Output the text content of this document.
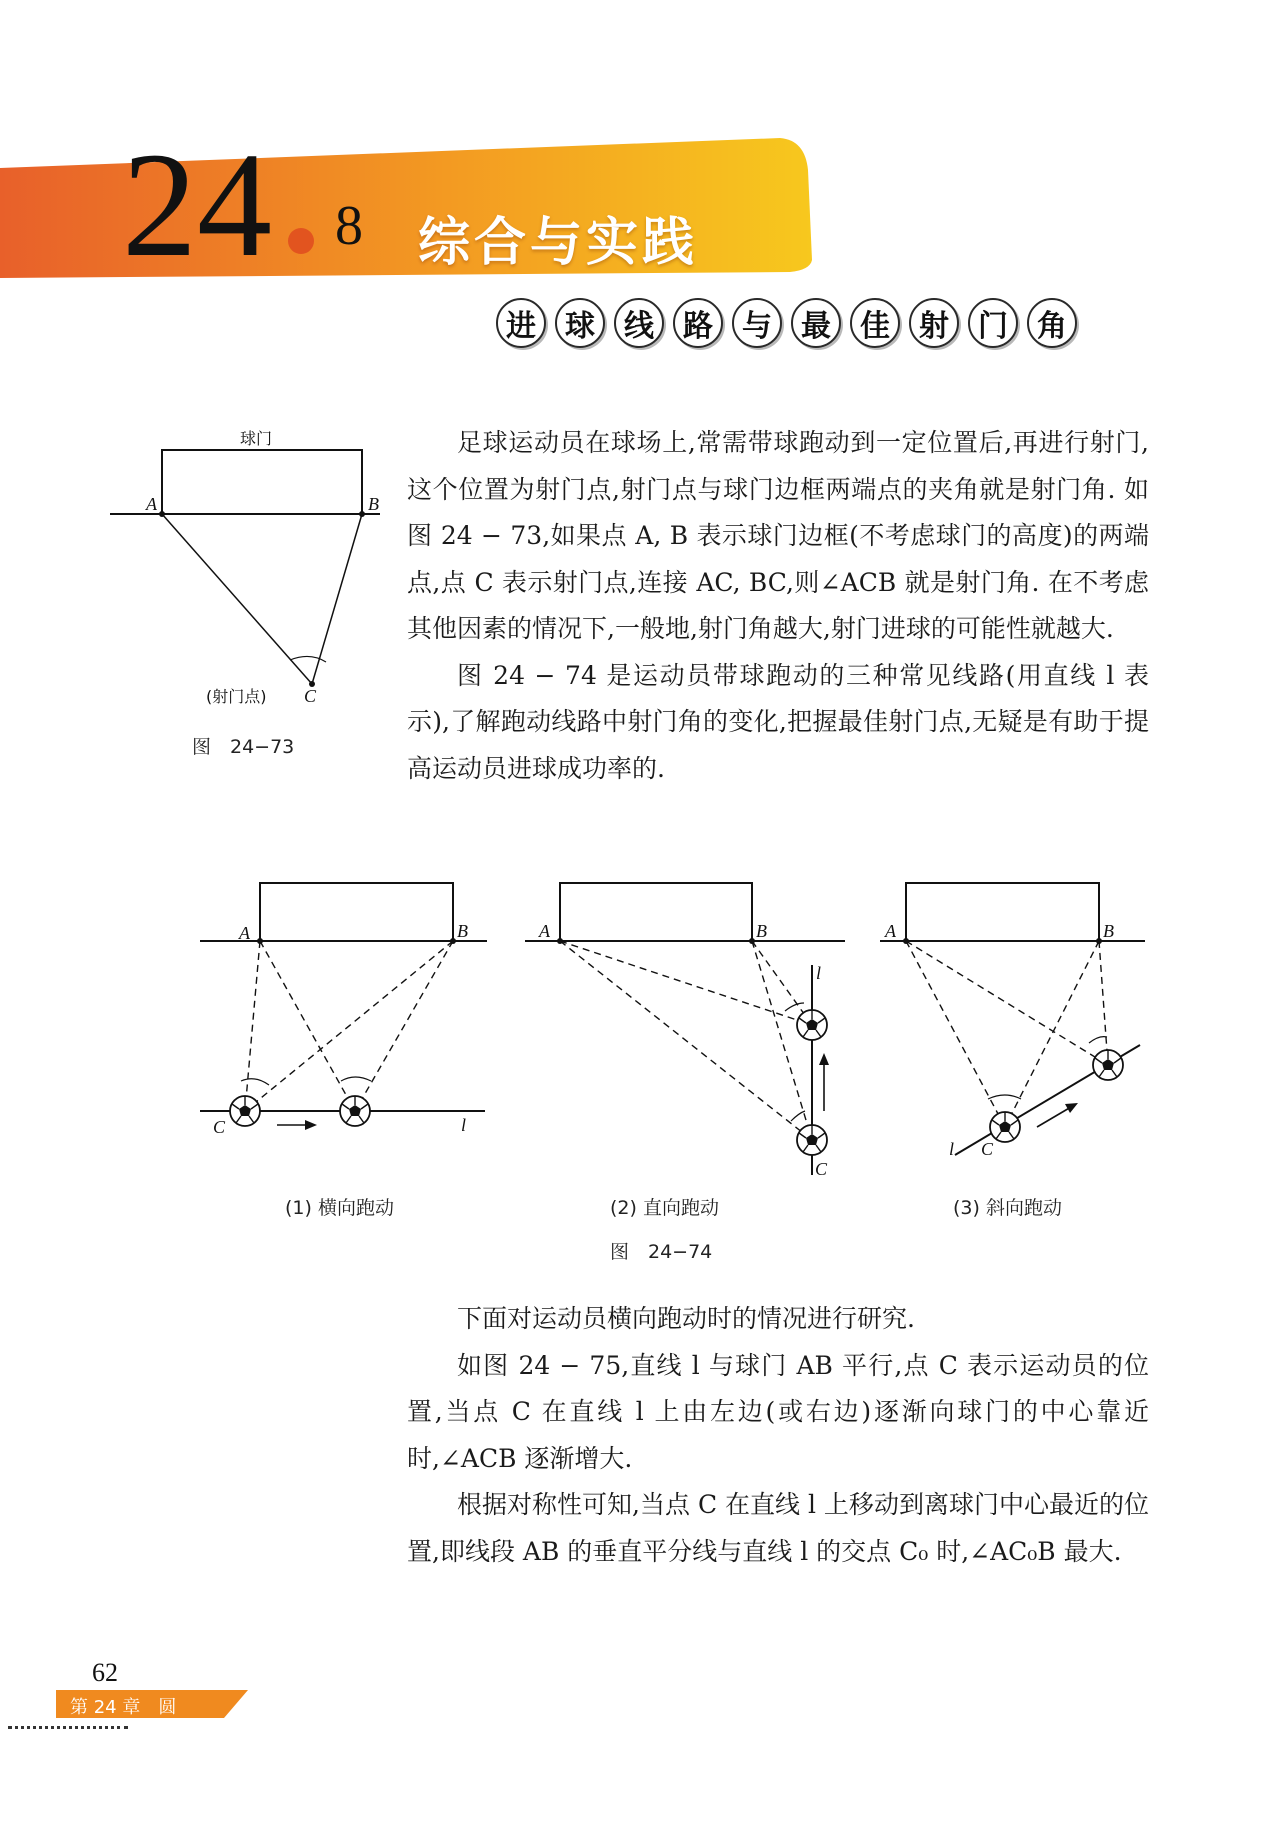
24 8 综合与实践
进 球 线 路 与 最 佳 射 门 角
球门
A	B
(射门点) C
图　24−73

足球运动员在球场上,常需带球跑动到一定位置后,再进行射门,这个位置为射门点,射门点与球门边框两端点的夹角就是射门角. 如图 24 − 73,如果点 A, B 表示球门边框(不考虑球门的高度)的两端点,点 C 表示射门点,连接 AC, BC,则∠ACB 就是射门角. 在不考虑其他因素的情况下,一般地,射门角越大,射门进球的可能性就越大.

图 24 − 74 是运动员带球跑动的三种常见线路(用直线 l 表示),了解跑动线路中射门角的变化,把握最佳射门点,无疑是有助于提高运动员进球成功率的.

A	B
C	l
A	B
l
C
A	B
l C
(1) 横向跑动	(2) 直向跑动	(3) 斜向跑动
图　24−74

下面对运动员横向跑动时的情况进行研究.

如图 24 − 75,直线 l 与球门 AB 平行,点 C 表示运动员的位置,当点 C 在直线 l 上由左边(或右边)逐渐向球门的中心靠近时,∠ACB 逐渐增大.

根据对称性可知,当点 C 在直线 l 上移动到离球门中心最近的位置,即线段 AB 的垂直平分线与直线 l 的交点 C₀ 时,∠AC₀B 最大.

62
第 24 章　圆
